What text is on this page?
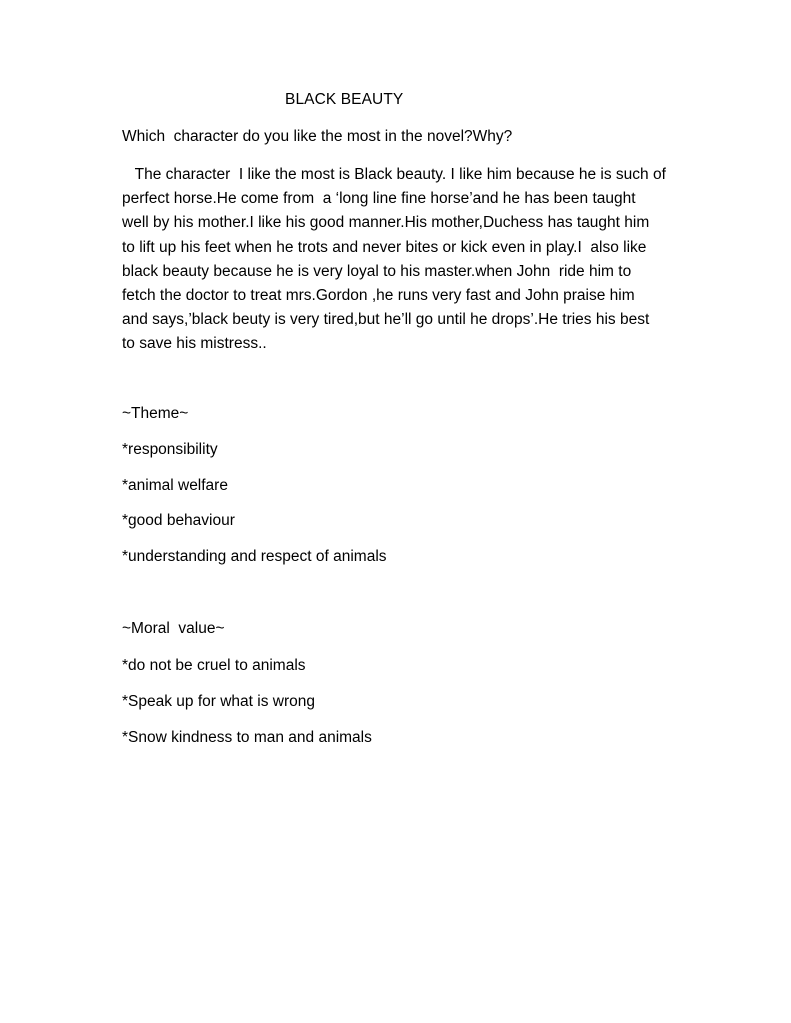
BLACK BEAUTY
Which  character do you like the most in the novel?Why?
The character  I like the most is Black beauty. I like him because he is such of
perfect horse.He come from  a ‘long line fine horse’and he has been taught
well by his mother.I like his good manner.His mother,Duchess has taught him
to lift up his feet when he trots and never bites or kick even in play.I  also like
black beauty because he is very loyal to his master.when John  ride him to
fetch the doctor to treat mrs.Gordon ,he runs very fast and John praise him
and says,’black beuty is very tired,but he’ll go until he drops’.He tries his best
to save his mistress..
~Theme~
*responsibility
*animal welfare
*good behaviour
*understanding and respect of animals
~Moral  value~
*do not be cruel to animals
*Speak up for what is wrong
*Snow kindness to man and animals
